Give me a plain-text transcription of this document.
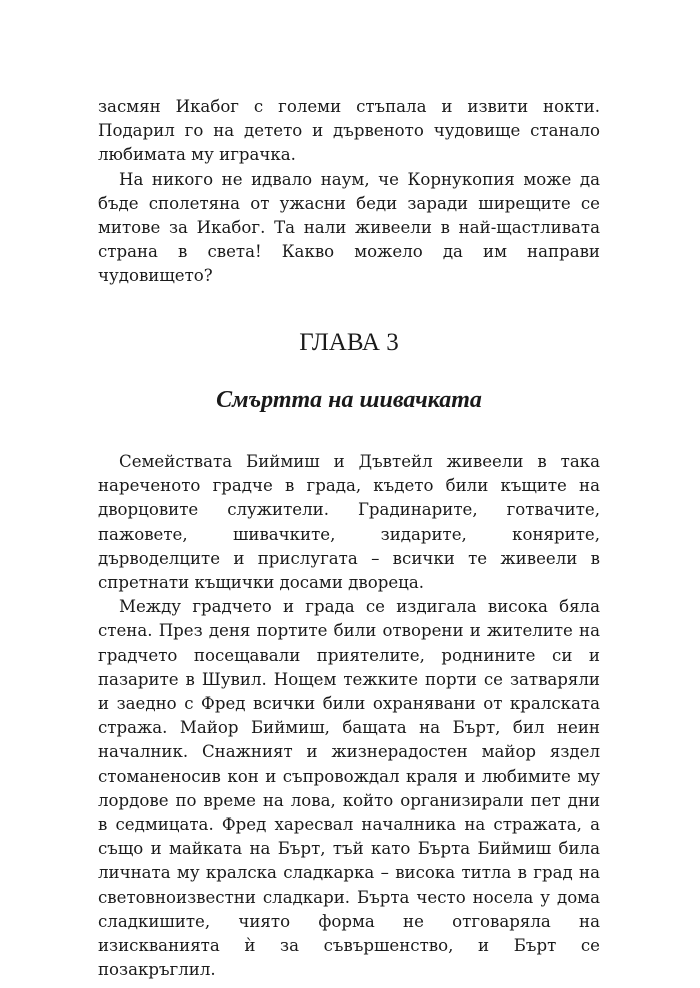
засмян Икабог с големи стъпала и извити нокти. Подарил го на детето и дървеното чудовище станало любимата му играчка.

На никого не идвало наум, че Корнукопия може да бъде сполетяна от ужасни беди заради ширещите се митове за Икабог. Та нали живеели в най-щастливата страна в света! Какво можело да им направи чудовището?

ГЛАВА 3
Смъртта на шивачката

Семействата Биймиш и Дъвтейл живеели в така нареченото градче в града, където били къщите на дворцовите служители. Градинарите, готвачите, пажовете, шивачките, зидарите, конярите, дърводелците и прислугата – всички те живеели в спретнати къщички досами двореца.

Между градчето и града се издигала висока бяла стена. През деня портите били отворени и жителите на градчето посещавали приятелите, роднините си и пазарите в Шувил. Нощем тежките порти се затваряли и заедно с Фред всички били охранявани от кралската стража. Майор Биймиш, бащата на Бърт, бил неин началник. Снажният и жизнерадостен майор яздел стоманеносив кон и съпровождал краля и любимите му лордове по време на лова, който организирали пет дни в седмицата. Фред харесвал началника на стражата, а също и майката на Бърт, тъй като Бърта Биймиш била личната му кралска сладкарка – висока титла в град на световноизвестни сладкари. Бърта често носела у дома сладкишите, чиято форма не отговаряла на изискванията ѝ за съвършенство, и Бърт се позакръглил.
